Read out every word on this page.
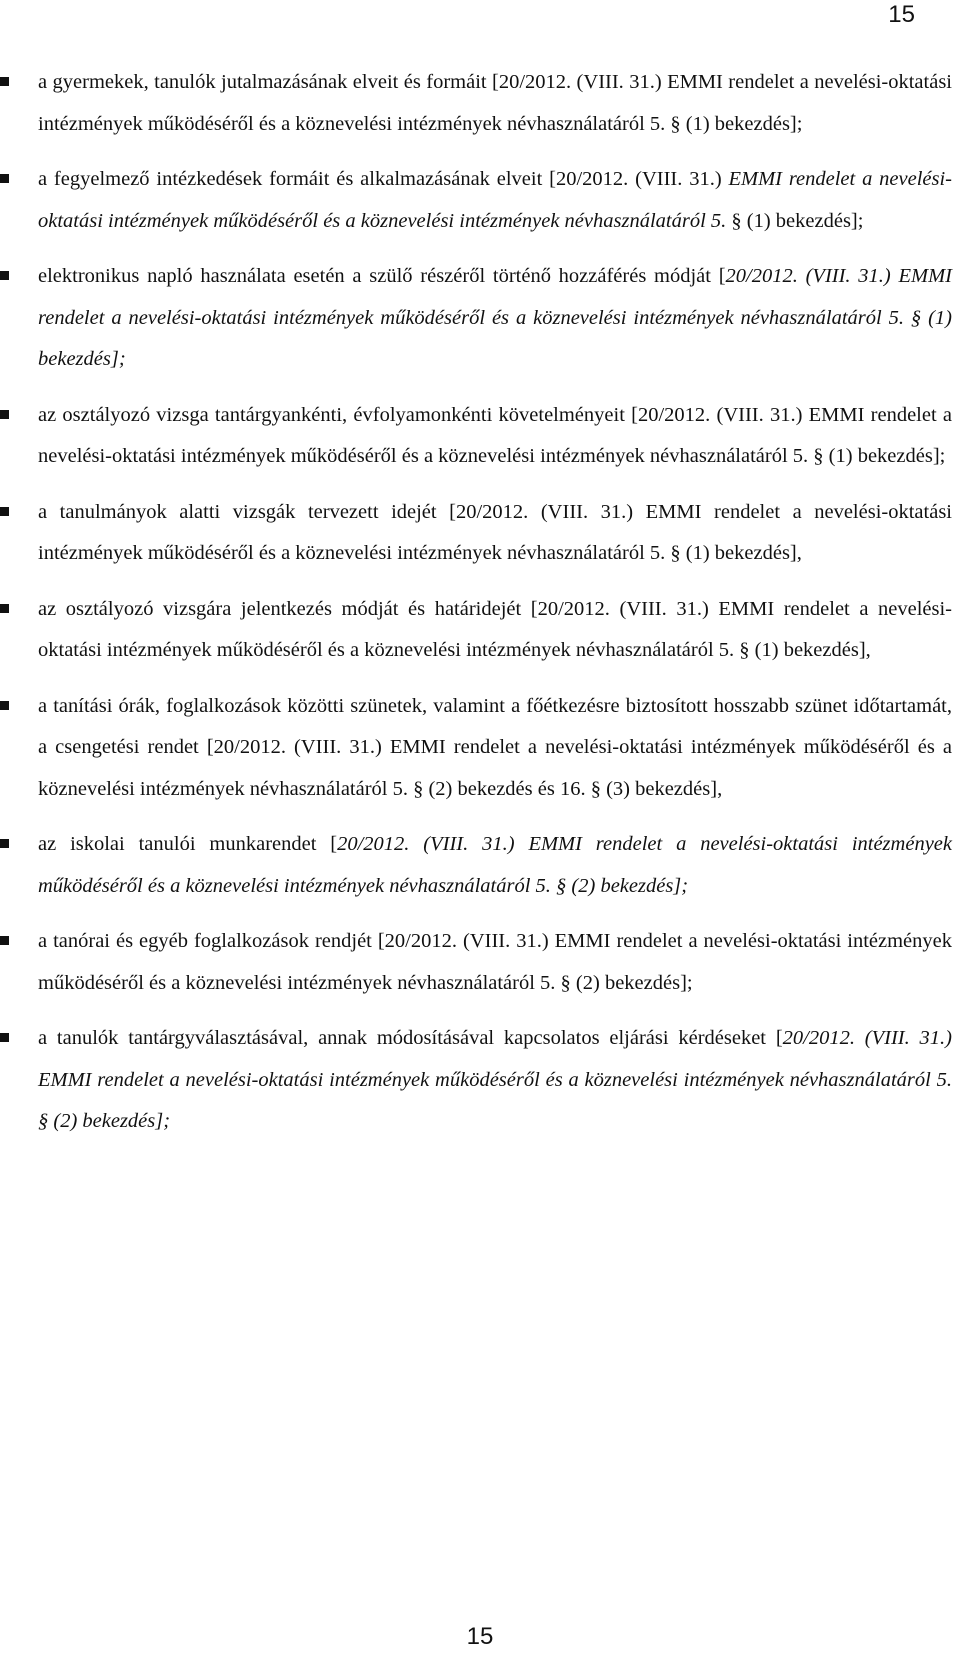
15
a gyermekek, tanulók jutalmazásának elveit és formáit [20/2012. (VIII. 31.) EMMI rendelet a nevelési-oktatási intézmények működéséről és a köznevelési intézmények névhasználatáról 5. § (1) bekezdés];
a fegyelmező intézkedések formáit és alkalmazásának elveit [20/2012. (VIII. 31.) EMMI rendelet a nevelési-oktatási intézmények működéséről és a köznevelési intézmények névhasználatáról 5. § (1) bekezdés];
elektronikus napló használata esetén a szülő részéről történő hozzáférés módját [20/2012. (VIII. 31.) EMMI rendelet a nevelési-oktatási intézmények működéséről és a köznevelési intézmények névhasználatáról 5. § (1) bekezdés];
az osztályozó vizsga tantárgyankénti, évfolyamonkénti követelményeit [20/2012. (VIII. 31.) EMMI rendelet a nevelési-oktatási intézmények működéséről és a köznevelési intézmények névhasználatáról 5. § (1) bekezdés];
a tanulmányok alatti vizsgák tervezett idejét [20/2012. (VIII. 31.) EMMI rendelet a nevelési-oktatási intézmények működéséről és a köznevelési intézmények névhasználatáról 5. § (1) bekezdés],
az osztályozó vizsgára jelentkezés módját és határidejét [20/2012. (VIII. 31.) EMMI rendelet a nevelési-oktatási intézmények működéséről és a köznevelési intézmények névhasználatáról 5. § (1) bekezdés],
a tanítási órák, foglalkozások közötti szünetek, valamint a főétkezésre biztosított hosszabb szünet időtartamát, a csengetési rendet [20/2012. (VIII. 31.) EMMI rendelet a nevelési-oktatási intézmények működéséről és a köznevelési intézmények névhasználatáról 5. § (2) bekezdés és 16. § (3) bekezdés],
az iskolai tanulói munkarendet [20/2012. (VIII. 31.) EMMI rendelet a nevelési-oktatási intézmények működéséről és a köznevelési intézmények névhasználatáról 5. § (2) bekezdés];
a tanórai és egyéb foglalkozások rendjét [20/2012. (VIII. 31.) EMMI rendelet a nevelési-oktatási intézmények működéséről és a köznevelési intézmények névhasználatáról 5. § (2) bekezdés];
a tanulók tantárgyválasztásával, annak módosításával kapcsolatos eljárási kérdéseket [20/2012. (VIII. 31.) EMMI rendelet a nevelési-oktatási intézmények működéséről és a köznevelési intézmények névhasználatáról 5. § (2) bekezdés];
15
